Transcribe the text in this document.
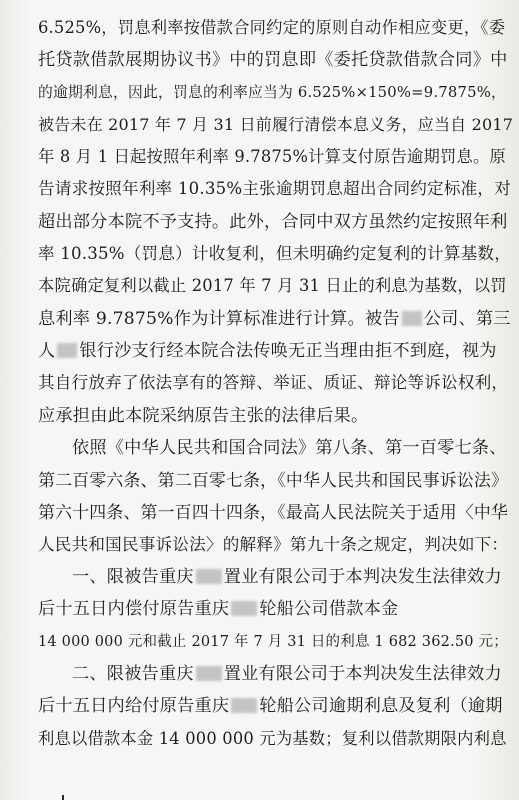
6.525%，罚息利率按借款合同约定的原则自动作相应变更，《委
托贷款借款展期协议书》中的罚息即《委托贷款借款合同》中
的逾期利息，因此，罚息的利率应当为 6.525%×150%=9.7875%，
被告未在 2017 年 7 月 31 日前履行清偿本息义务，应当自 2017
年 8 月 1 日起按照年利率 9.7875%计算支付原告逾期罚息。原
告请求按照年利率 10.35%主张逾期罚息超出合同约定标准，对
超出部分本院不予支持。此外，合同中双方虽然约定按照年利
率 10.35%（罚息）计收复利，但未明确约定复利的计算基数，
本院确定复利以截止 2017 年 7 月 31 日止的利息为基数，以罚
息利率 9.7875%作为计算标准进行计算。被告 公司、第三
人 银行沙支行经本院合法传唤无正当理由拒不到庭，视为
其自行放弃了依法享有的答辩、举证、质证、辩论等诉讼权利，
应承担由此本院采纳原告主张的法律后果。
依照《中华人民共和国合同法》第八条、第一百零七条、
第二百零六条、第二百零七条，《中华人民共和国民事诉讼法》
第六十四条、第一百四十四条，《最高人民法院关于适用〈中华
人民共和国民事诉讼法〉的解释》第九十条之规定，判决如下：
一、限被告重庆 置业有限公司于本判决发生法律效力
后十五日内偿付原告重庆 轮船公司借款本金
14 000 000 元和截止 2017 年 7 月 31 日的利息 1 682 362.50 元；
二、限被告重庆 置业有限公司于本判决发生法律效力
后十五日内给付原告重庆 轮船公司逾期利息及复利（逾期
利息以借款本金 14 000 000 元为基数；复利以借款期限内利息
